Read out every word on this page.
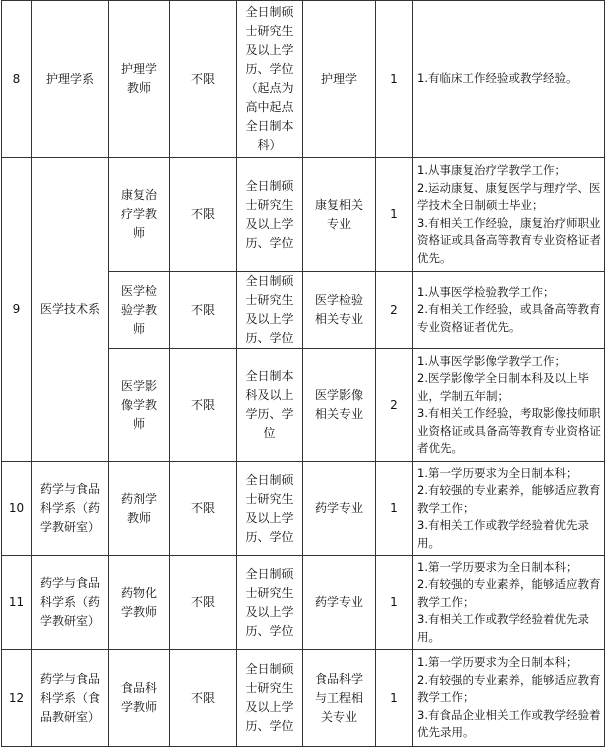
8	护理学系	护理学教师	不限	全日制硕士研究生及以上学历、学位（起点为高中起点全日制本科）	护理学	1	1.有临床工作经验或教学经验。

9	医学技术系	康复治疗学教师	不限	全日制硕士研究生及以上学历、学位	康复相关专业	1	1.从事康复治疗学教学工作；
2.运动康复、康复医学与理疗学、医学技术全日制硕士毕业；
3.有相关工作经验，康复治疗师职业资格证或具备高等教育专业资格证者优先。

		医学检验学教师	不限	全日制硕士研究生及以上学历、学位	医学检验相关专业	2	1.从事医学检验教学工作；
2.有相关工作经验，或具备高等教育专业资格证者优先。

		医学影像学教师	不限	全日制本科及以上学历、学位	医学影像相关专业	2	1.从事医学影像学教学工作；
2.医学影像学全日制本科及以上毕业，学制五年制；
3.有相关工作经验，考取影像技师职业资格证或具备高等教育专业资格证者优先。

10	药学与食品科学系（药学教研室）	药剂学教师	不限	全日制硕士研究生及以上学历、学位	药学专业	1	1.第一学历要求为全日制本科；
2.有较强的专业素养，能够适应教育教学工作；
3.有相关工作或教学经验着优先录用。

11	药学与食品科学系（药学教研室）	药物化学教师	不限	全日制硕士研究生及以上学历、学位	药学专业	1	1.第一学历要求为全日制本科；
2.有较强的专业素养，能够适应教育教学工作；
3.有相关工作或教学经验着优先录用。

12	药学与食品科学系（食品教研室）	食品科学教师	不限	全日制硕士研究生及以上学历、学位	食品科学与工程相关专业	1	1.第一学历要求为全日制本科；
2.有较强的专业素养，能够适应教育教学工作；
3.有食品企业相关工作或教学经验着优先录用。
